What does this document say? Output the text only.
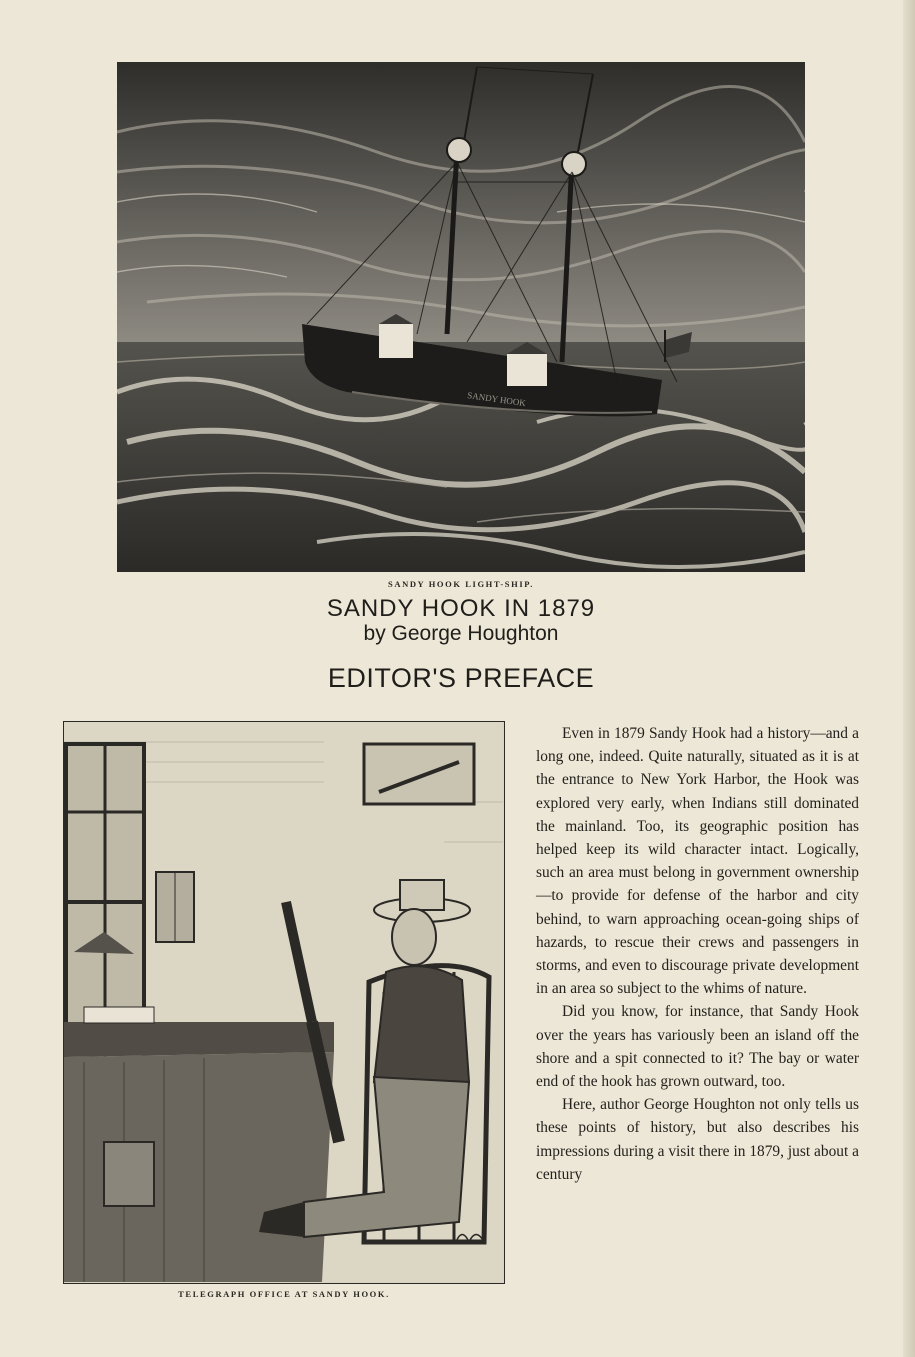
SANDY HOOK
SANDY HOOK LIGHT-SHIP.
SANDY HOOK IN 1879
by George Houghton
EDITOR'S PREFACE
TELEGRAPH OFFICE AT SANDY HOOK.

Even in 1879 Sandy Hook had a history—and a long one, indeed. Quite naturally, situated as it is at the entrance to New York Harbor, the Hook was explored very early, when Indians still dominated the mainland. Too, its geographic position has helped keep its wild character intact. Logically, such an area must belong in government ownership—to provide for defense of the harbor and city behind, to warn approaching ocean-going ships of hazards, to rescue their crews and passengers in storms, and even to discourage private development in an area so subject to the whims of nature.

Did you know, for instance, that Sandy Hook over the years has variously been an island off the shore and a spit connected to it? The bay or water end of the hook has grown outward, too.

Here, author George Houghton not only tells us these points of history, but also describes his impressions during a visit there in 1879, just about a century
